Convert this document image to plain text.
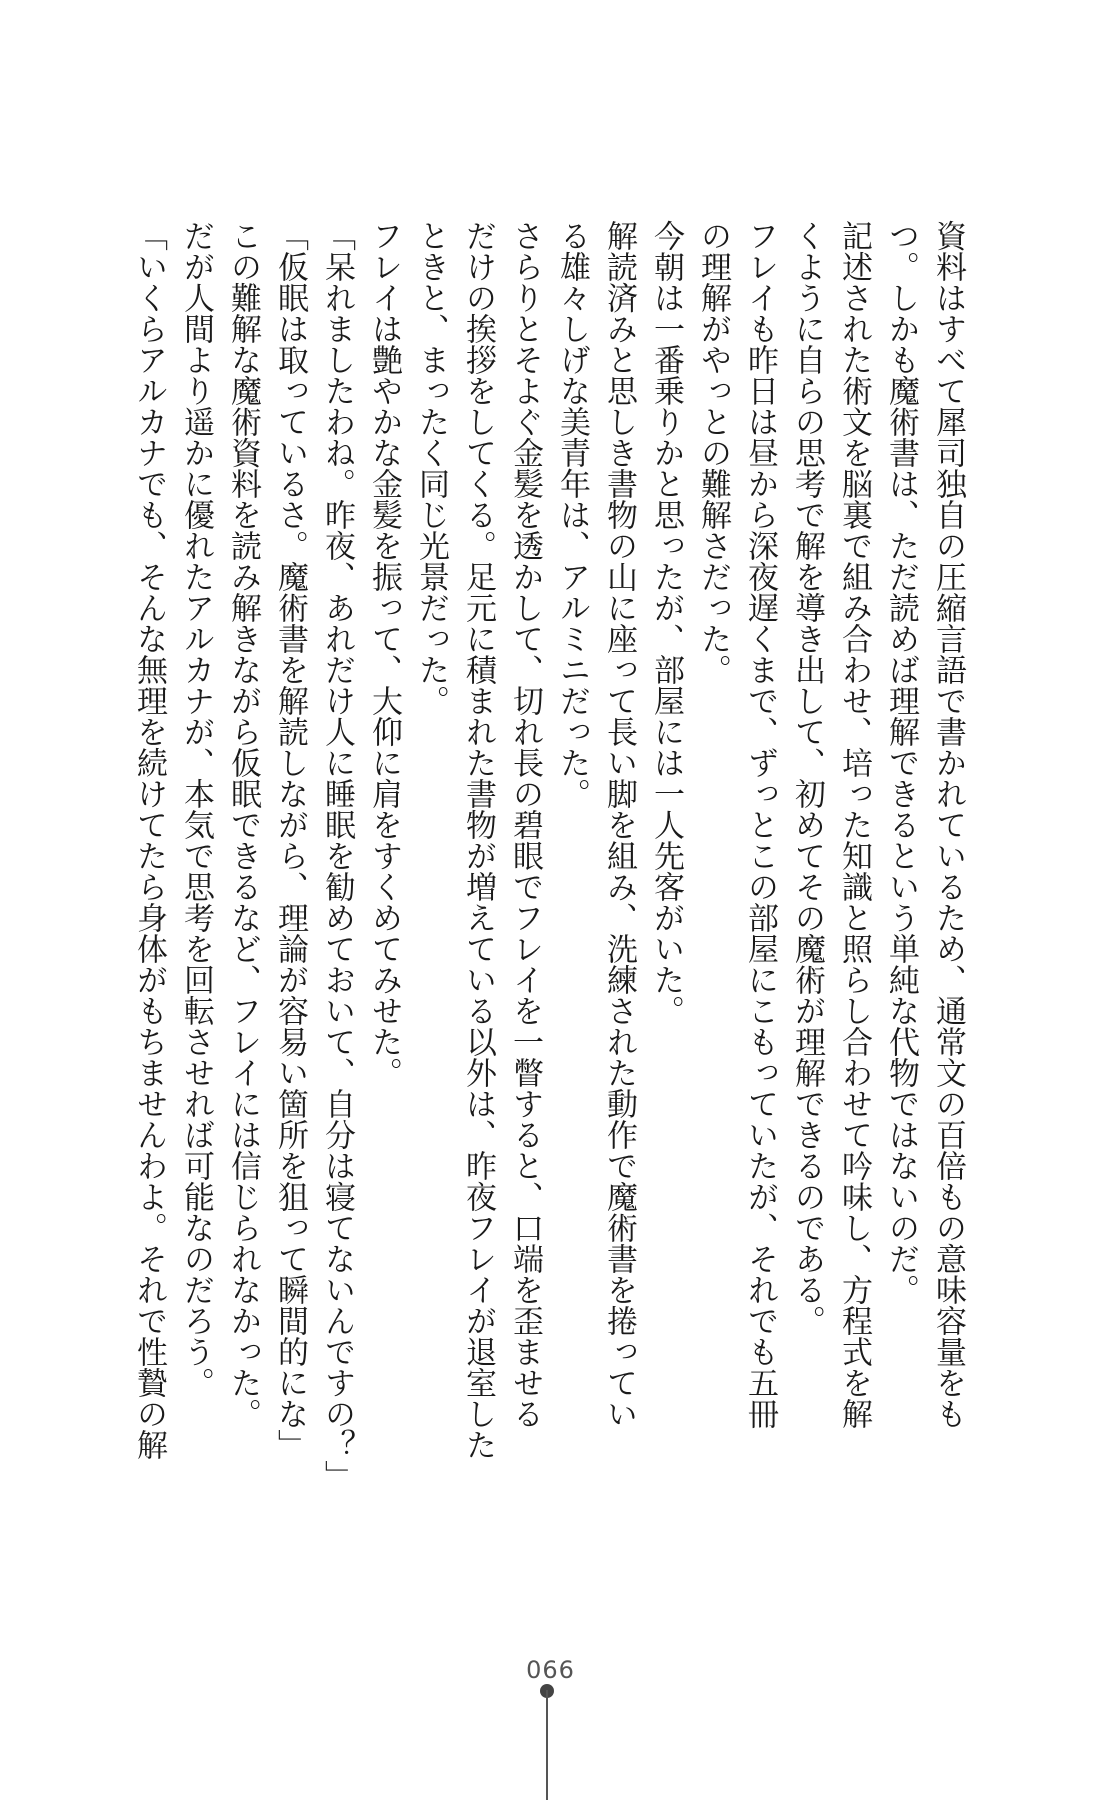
資料はすべて犀司独自の圧縮言語で書かれているため、通常文の百倍もの意味容量をも
つ。しかも魔術書は、ただ読めば理解できるという単純な代物ではないのだ。
記述された術文を脳裏で組み合わせ、培った知識と照らし合わせて吟味し、方程式を解
くように自らの思考で解を導き出して、初めてその魔術が理解できるのである。
フレイも昨日は昼から深夜遅くまで、ずっとこの部屋にこもっていたが、それでも五冊
の理解がやっとの難解さだった。
今朝は一番乗りかと思ったが、部屋には一人先客がいた。
解読済みと思しき書物の山に座って長い脚を組み、洗練された動作で魔術書を捲ってい
る雄々しげな美青年は、アルミニだった。
さらりとそよぐ金髪を透かして、切れ長の碧眼でフレイを一瞥すると、口端を歪ませる
だけの挨拶をしてくる。足元に積まれた書物が増えている以外は、昨夜フレイが退室した
ときと、まったく同じ光景だった。
フレイは艶やかな金髪を振って、大仰に肩をすくめてみせた。
「呆れましたわね。昨夜、あれだけ人に睡眠を勧めておいて、自分は寝てないんですの？」
「仮眠は取っているさ。魔術書を解読しながら、理論が容易い箇所を狙って瞬間的にな」
この難解な魔術資料を読み解きながら仮眠できるなど、フレイには信じられなかった。
だが人間より遥かに優れたアルカナが、本気で思考を回転させれば可能なのだろう。
「いくらアルカナでも、そんな無理を続けてたら身体がもちませんわよ。それで性贄の解
066
